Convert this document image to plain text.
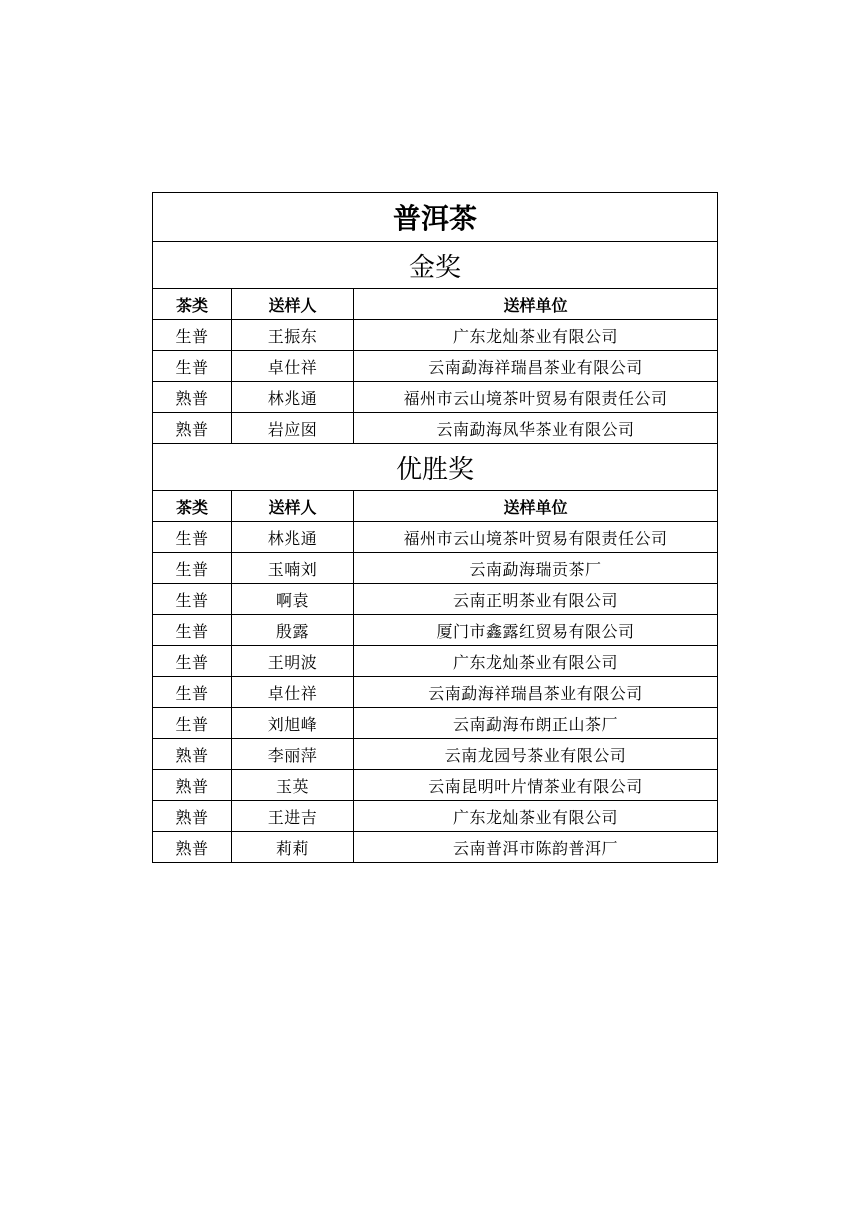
普洱茶		
金奖		
茶类	送样人	送样单位
生普	王振东	广东龙灿茶业有限公司
生普	卓仕祥	云南勐海祥瑞昌茶业有限公司
熟普	林兆通	福州市云山境茶叶贸易有限责任公司
熟普	岩应囡	云南勐海凤华茶业有限公司
优胜奖		
茶类	送样人	送样单位
生普	林兆通	福州市云山境茶叶贸易有限责任公司
生普	玉喃刘	云南勐海瑞贡茶厂
生普	啊袁	云南正明茶业有限公司
生普	殷露	厦门市鑫露红贸易有限公司
生普	王明波	广东龙灿茶业有限公司
生普	卓仕祥	云南勐海祥瑞昌茶业有限公司
生普	刘旭峰	云南勐海布朗正山茶厂
熟普	李丽萍	云南龙园号茶业有限公司
熟普	玉英	云南昆明叶片情茶业有限公司
熟普	王进吉	广东龙灿茶业有限公司
熟普	莉莉	云南普洱市陈韵普洱厂
